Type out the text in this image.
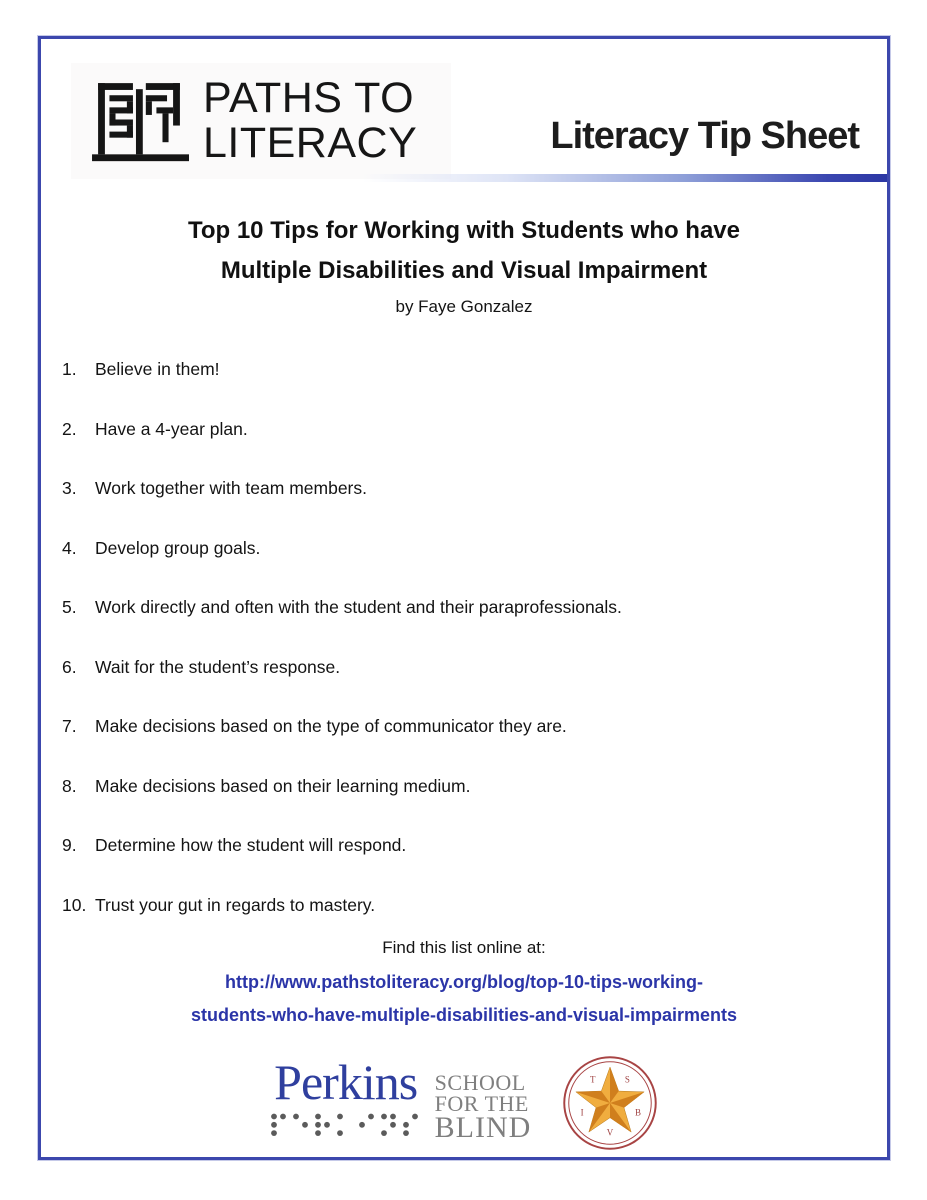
PATHS TO
LITERACY	Literacy Tip Sheet
Top 10 Tips for Working with Students who have
Multiple Disabilities and Visual Impairment
by Faye Gonzalez
1.	Believe in them!
2.	Have a 4-year plan.
3.	Work together with team members.
4.	Develop group goals.
5.	Work directly and often with the student and their paraprofessionals.
6.	Wait for the student’s response.
7.	Make decisions based on the type of communicator they are.
8.	Make decisions based on their learning medium.
9.	Determine how the student will respond.
10. Trust your gut in regards to mastery.
Find this list online at:
http://www.pathstoliteracy.org/blog/top-10-tips-working-
students-who-have-multiple-disabilities-and-visual-impairments
Perkins SCHOOL
FOR THE
BLIND
T	S
B
V
I
